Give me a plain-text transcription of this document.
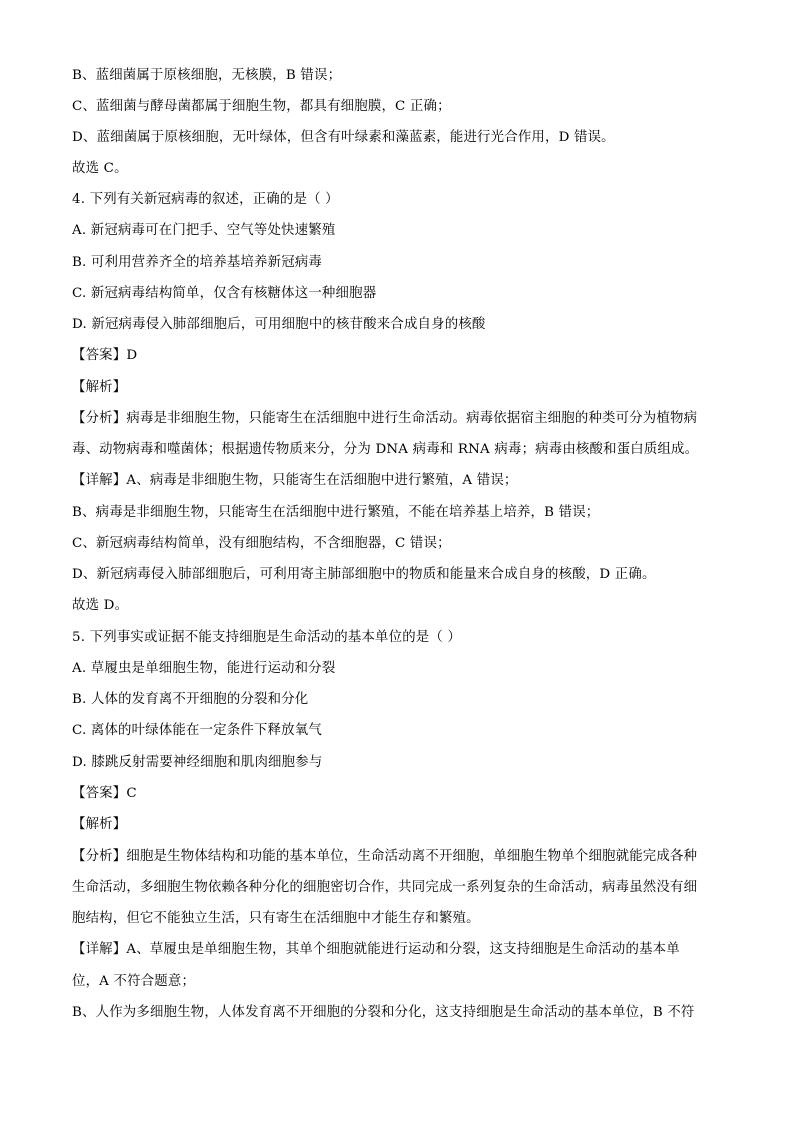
B、蓝细菌属于原核细胞，无核膜，B 错误；
C、蓝细菌与酵母菌都属于细胞生物，都具有细胞膜，C 正确；
D、蓝细菌属于原核细胞，无叶绿体，但含有叶绿素和藻蓝素，能进行光合作用，D 错误。
故选 C。
4. 下列有关新冠病毒的叙述，正确的是（ ）
A. 新冠病毒可在门把手、空气等处快速繁殖
B. 可利用营养齐全的培养基培养新冠病毒
C. 新冠病毒结构简单，仅含有核糖体这一种细胞器
D. 新冠病毒侵入肺部细胞后，可用细胞中的核苷酸来合成自身的核酸
【答案】D
【解析】
【分析】病毒是非细胞生物，只能寄生在活细胞中进行生命活动。病毒依据宿主细胞的种类可分为植物病
毒、动物病毒和噬菌体；根据遗传物质来分，分为 DNA 病毒和 RNA 病毒；病毒由核酸和蛋白质组成。
【详解】A、病毒是非细胞生物，只能寄生在活细胞中进行繁殖，A 错误；
B、病毒是非细胞生物，只能寄生在活细胞中进行繁殖，不能在培养基上培养，B 错误；
C、新冠病毒结构简单，没有细胞结构，不含细胞器，C 错误；
D、新冠病毒侵入肺部细胞后，可利用寄主肺部细胞中的物质和能量来合成自身的核酸，D 正确。
故选 D。
5. 下列事实或证据不能支持细胞是生命活动的基本单位的是（ ）
A. 草履虫是单细胞生物，能进行运动和分裂
B. 人体的发育离不开细胞的分裂和分化
C. 离体的叶绿体能在一定条件下释放氧气
D. 膝跳反射需要神经细胞和肌肉细胞参与
【答案】C
【解析】
【分析】细胞是生物体结构和功能的基本单位，生命活动离不开细胞，单细胞生物单个细胞就能完成各种
生命活动，多细胞生物依赖各种分化的细胞密切合作，共同完成一系列复杂的生命活动，病毒虽然没有细
胞结构，但它不能独立生活，只有寄生在活细胞中才能生存和繁殖。
【详解】A、草履虫是单细胞生物，其单个细胞就能进行运动和分裂，这支持细胞是生命活动的基本单
位，A 不符合题意；
B、人作为多细胞生物，人体发育离不开细胞的分裂和分化，这支持细胞是生命活动的基本单位，B 不符
